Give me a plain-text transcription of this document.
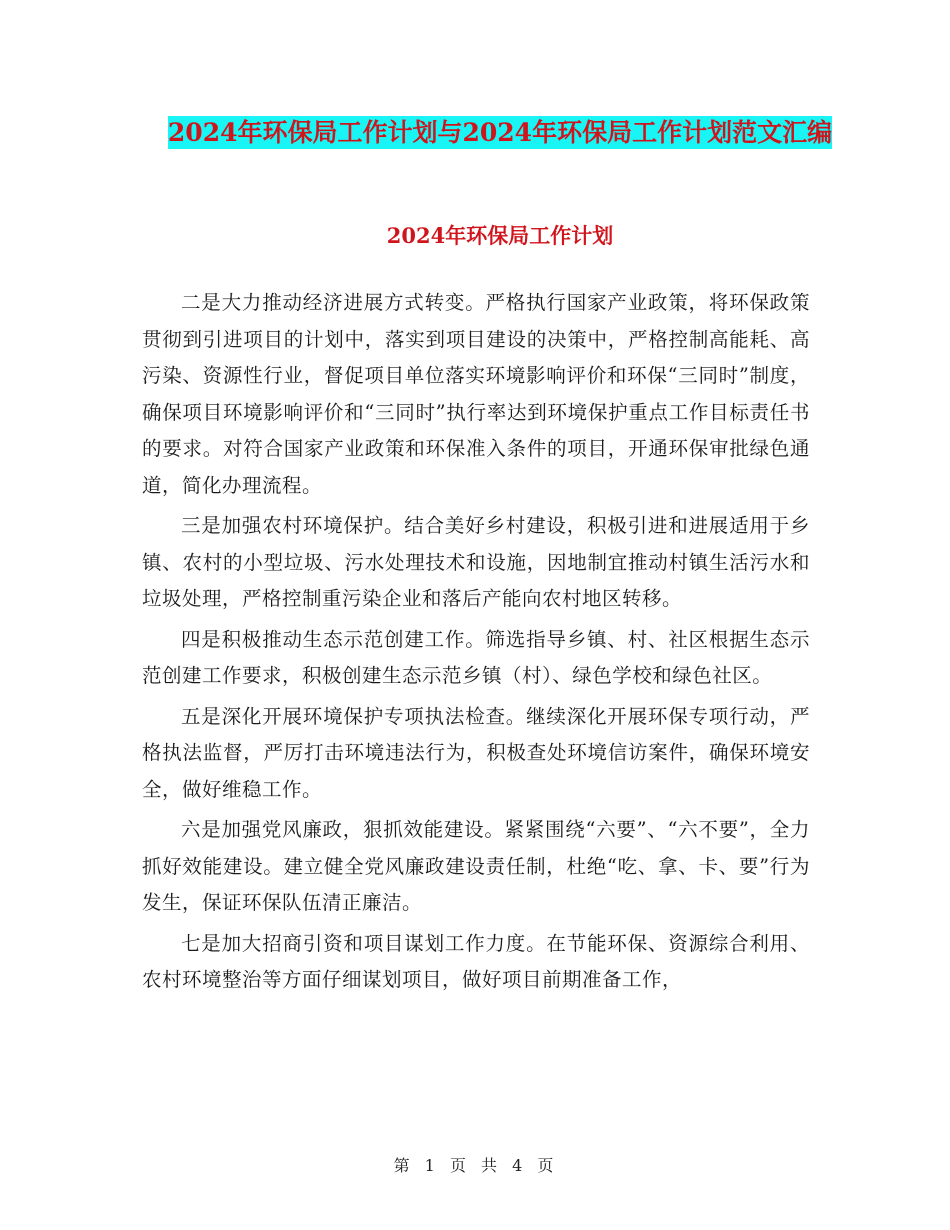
2024年环保局工作计划与2024年环保局工作计划范文汇编
2024年环保局工作计划

二是大力推动经济进展方式转变。严格执行国家产业政策，将环保政策贯彻到引进项目的计划中，落实到项目建设的决策中，严格控制高能耗、高污染、资源性行业，督促项目单位落实环境影响评价和环保“三同时”制度，确保项目环境影响评价和“三同时”执行率达到环境保护重点工作目标责任书的要求。对符合国家产业政策和环保准入条件的项目，开通环保审批绿色通道，简化办理流程。

三是加强农村环境保护。结合美好乡村建设，积极引进和进展适用于乡镇、农村的小型垃圾、污水处理技术和设施，因地制宜推动村镇生活污水和垃圾处理，严格控制重污染企业和落后产能向农村地区转移。

四是积极推动生态示范创建工作。筛选指导乡镇、村、社区根据生态示范创建工作要求，积极创建生态示范乡镇（村）、绿色学校和绿色社区。

五是深化开展环境保护专项执法检查。继续深化开展环保专项行动，严格执法监督，严厉打击环境违法行为，积极查处环境信访案件，确保环境安全，做好维稳工作。

六是加强党风廉政，狠抓效能建设。紧紧围绕“六要”、“六不要”，全力抓好效能建设。建立健全党风廉政建设责任制，杜绝“吃、拿、卡、要”行为发生，保证环保队伍清正廉洁。

七是加大招商引资和项目谋划工作力度。在节能环保、资源综合利用、农村环境整治等方面仔细谋划项目，做好项目前期准备工作，

第 1 页 共 4 页
